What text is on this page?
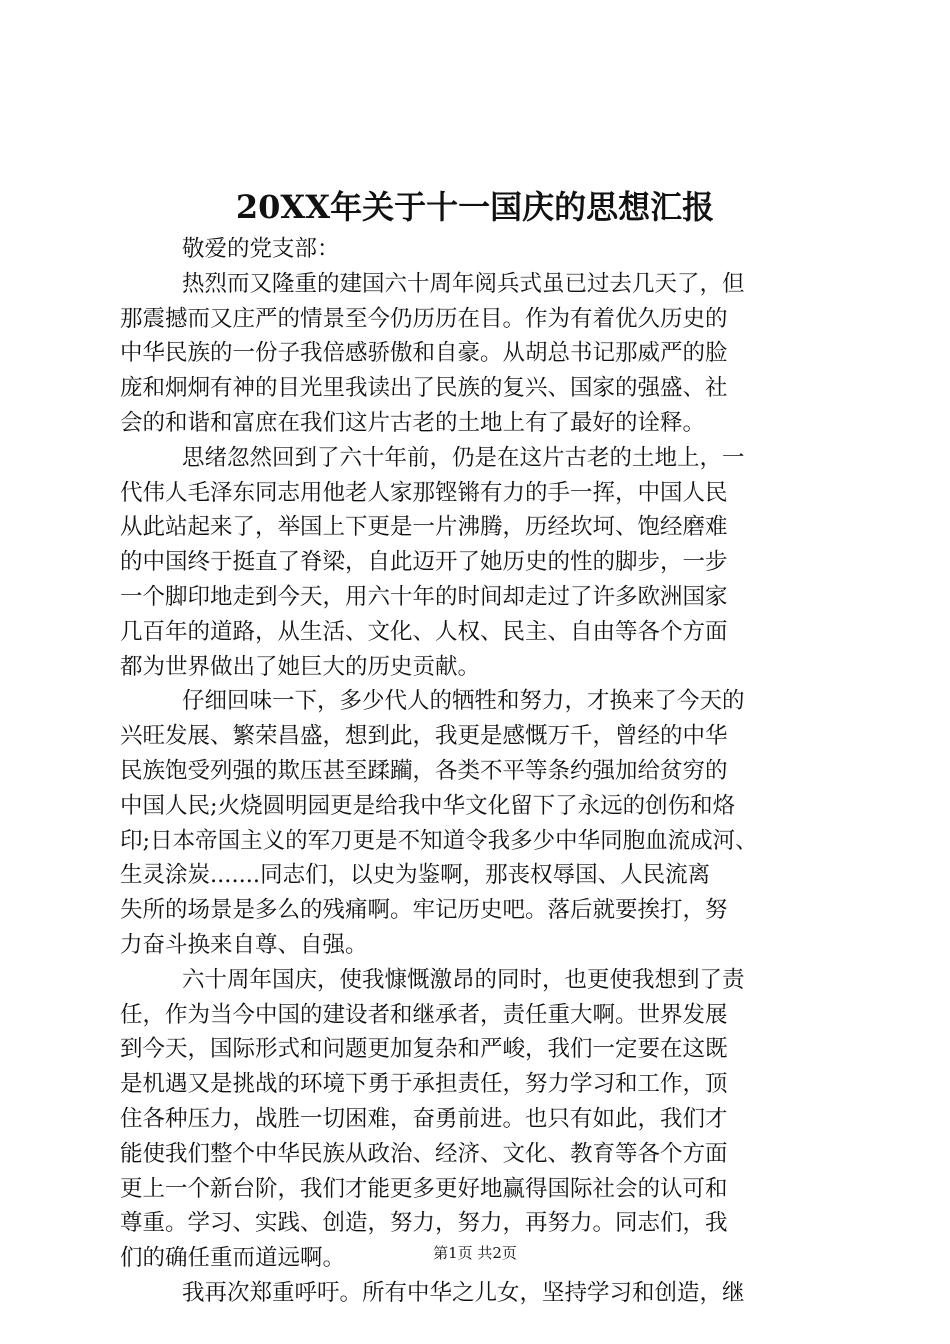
20XX年关于十一国庆的思想汇报
敬爱的党支部：
热烈而又隆重的建国六十周年阅兵式虽已过去几天了，但
那震撼而又庄严的情景至今仍历历在目。作为有着优久历史的
中华民族的一份子我倍感骄傲和自豪。从胡总书记那威严的脸
庞和炯炯有神的目光里我读出了民族的复兴、国家的强盛、社
会的和谐和富庶在我们这片古老的土地上有了最好的诠释。
思绪忽然回到了六十年前，仍是在这片古老的土地上，一
代伟人毛泽东同志用他老人家那铿锵有力的手一挥，中国人民
从此站起来了，举国上下更是一片沸腾，历经坎坷、饱经磨难
的中国终于挺直了脊梁，自此迈开了她历史的性的脚步，一步
一个脚印地走到今天，用六十年的时间却走过了许多欧洲国家
几百年的道路，从生活、文化、人权、民主、自由等各个方面
都为世界做出了她巨大的历史贡献。
仔细回味一下，多少代人的牺牲和努力，才换来了今天的
兴旺发展、繁荣昌盛，想到此，我更是感慨万千，曾经的中华
民族饱受列强的欺压甚至蹂躏，各类不平等条约强加给贫穷的
中国人民;火烧圆明园更是给我中华文化留下了永远的创伤和烙
印;日本帝国主义的军刀更是不知道令我多少中华同胞血流成河、
生灵涂炭.......同志们，以史为鉴啊，那丧权辱国、人民流离
失所的场景是多么的残痛啊。牢记历史吧。落后就要挨打，努
力奋斗换来自尊、自强。
六十周年国庆，使我慷慨激昂的同时，也更使我想到了责
任，作为当今中国的建设者和继承者，责任重大啊。世界发展
到今天，国际形式和问题更加复杂和严峻，我们一定要在这既
是机遇又是挑战的环境下勇于承担责任，努力学习和工作，顶
住各种压力，战胜一切困难，奋勇前进。也只有如此，我们才
能使我们整个中华民族从政治、经济、文化、教育等各个方面
更上一个新台阶，我们才能更多更好地赢得国际社会的认可和
尊重。学习、实践、创造，努力，努力，再努力。同志们，我
们的确任重而道远啊。
我再次郑重呼吁。所有中华之儿女，坚持学习和创造，继
第1页 共2页
